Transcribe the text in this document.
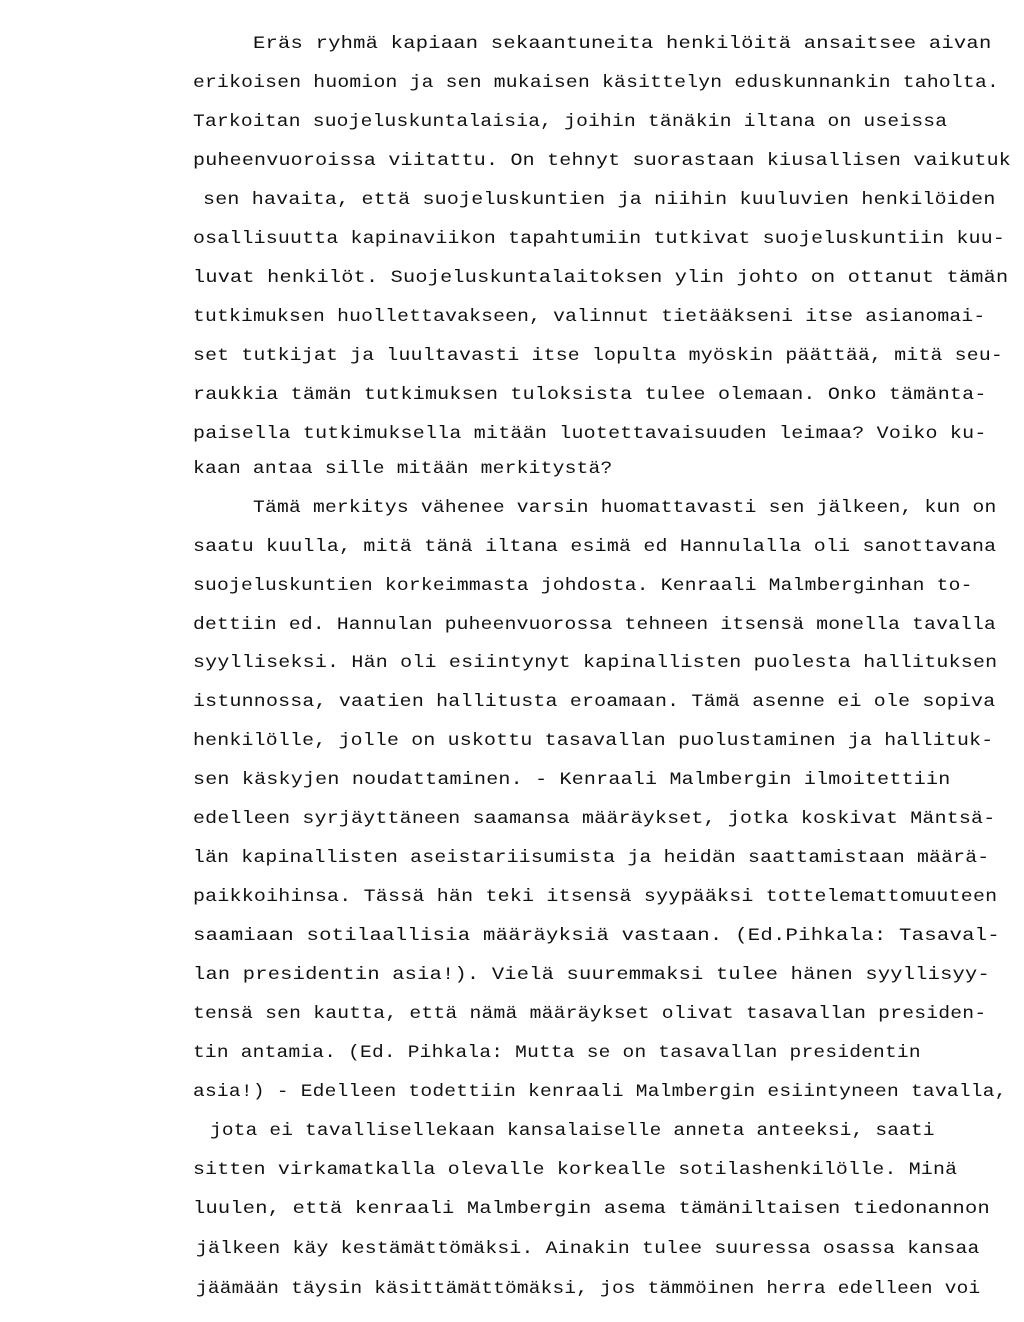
Eräs ryhmä kapiaan sekaantuneita henkilöitä ansaitsee aivan
erikoisen huomion ja sen mukaisen käsittelyn eduskunnankin taholta.
Tarkoitan suojeluskuntalaisia, joihin tänäkin iltana on useissa
puheenvuoroissa viitattu. On tehnyt suorastaan kiusallisen vaikutuk
sen havaita, että suojeluskuntien ja niihin kuuluvien henkilöiden
osallisuutta kapinaviikon tapahtumiin tutkivat suojeluskuntiin kuu-
luvat henkilöt. Suojeluskuntalaitoksen ylin johto on ottanut tämän
tutkimuksen huollettavakseen, valinnut tietääkseni itse asianomai-
set tutkijat ja luultavasti itse lopulta myöskin päättää, mitä seu-
raukkia tämän tutkimuksen tuloksista tulee olemaan. Onko tämänta-
paisella tutkimuksella mitään luotettavaisuuden leimaa? Voiko ku-
kaan antaa sille mitään merkitystä?
Tämä merkitys vähenee varsin huomattavasti sen jälkeen, kun on
saatu kuulla, mitä tänä iltana esimä ed Hannulalla oli sanottavana
suojeluskuntien korkeimmasta johdosta. Kenraali Malmberginhan to-
dettiin ed. Hannulan puheenvuorossa tehneen itsensä monella tavalla
syylliseksi. Hän oli esiintynyt kapinallisten puolesta hallituksen
istunnossa, vaatien hallitusta eroamaan. Tämä asenne ei ole sopiva
henkilölle, jolle on uskottu tasavallan puolustaminen ja hallituk-
sen käskyjen noudattaminen. - Kenraali Malmbergin ilmoitettiin
edelleen syrjäyttäneen saamansa määräykset, jotka koskivat Mäntsä-
län kapinallisten aseistariisumista ja heidän saattamistaan määrä-
paikkoihinsa. Tässä hän teki itsensä syypääksi tottelemattomuuteen
saamiaan sotilaallisia määräyksiä vastaan. (Ed.Pihkala: Tasaval-
lan presidentin asia!). Vielä suuremmaksi tulee hänen syyllisyy-
tensä sen kautta, että nämä määräykset olivat tasavallan presiden-
tin antamia. (Ed. Pihkala: Mutta se on tasavallan presidentin
asia!) - Edelleen todettiin kenraali Malmbergin esiintyneen tavalla,
jota ei tavallisellekaan kansalaiselle anneta anteeksi, saati
sitten virkamatkalla olevalle korkealle sotilashenkilölle. Minä
luulen, että kenraali Malmbergin asema tämäniltaisen tiedonannon
jälkeen käy kestämättömäksi. Ainakin tulee suuressa osassa kansaa
jäämään täysin käsittämättömäksi, jos tämmöinen herra edelleen voi
